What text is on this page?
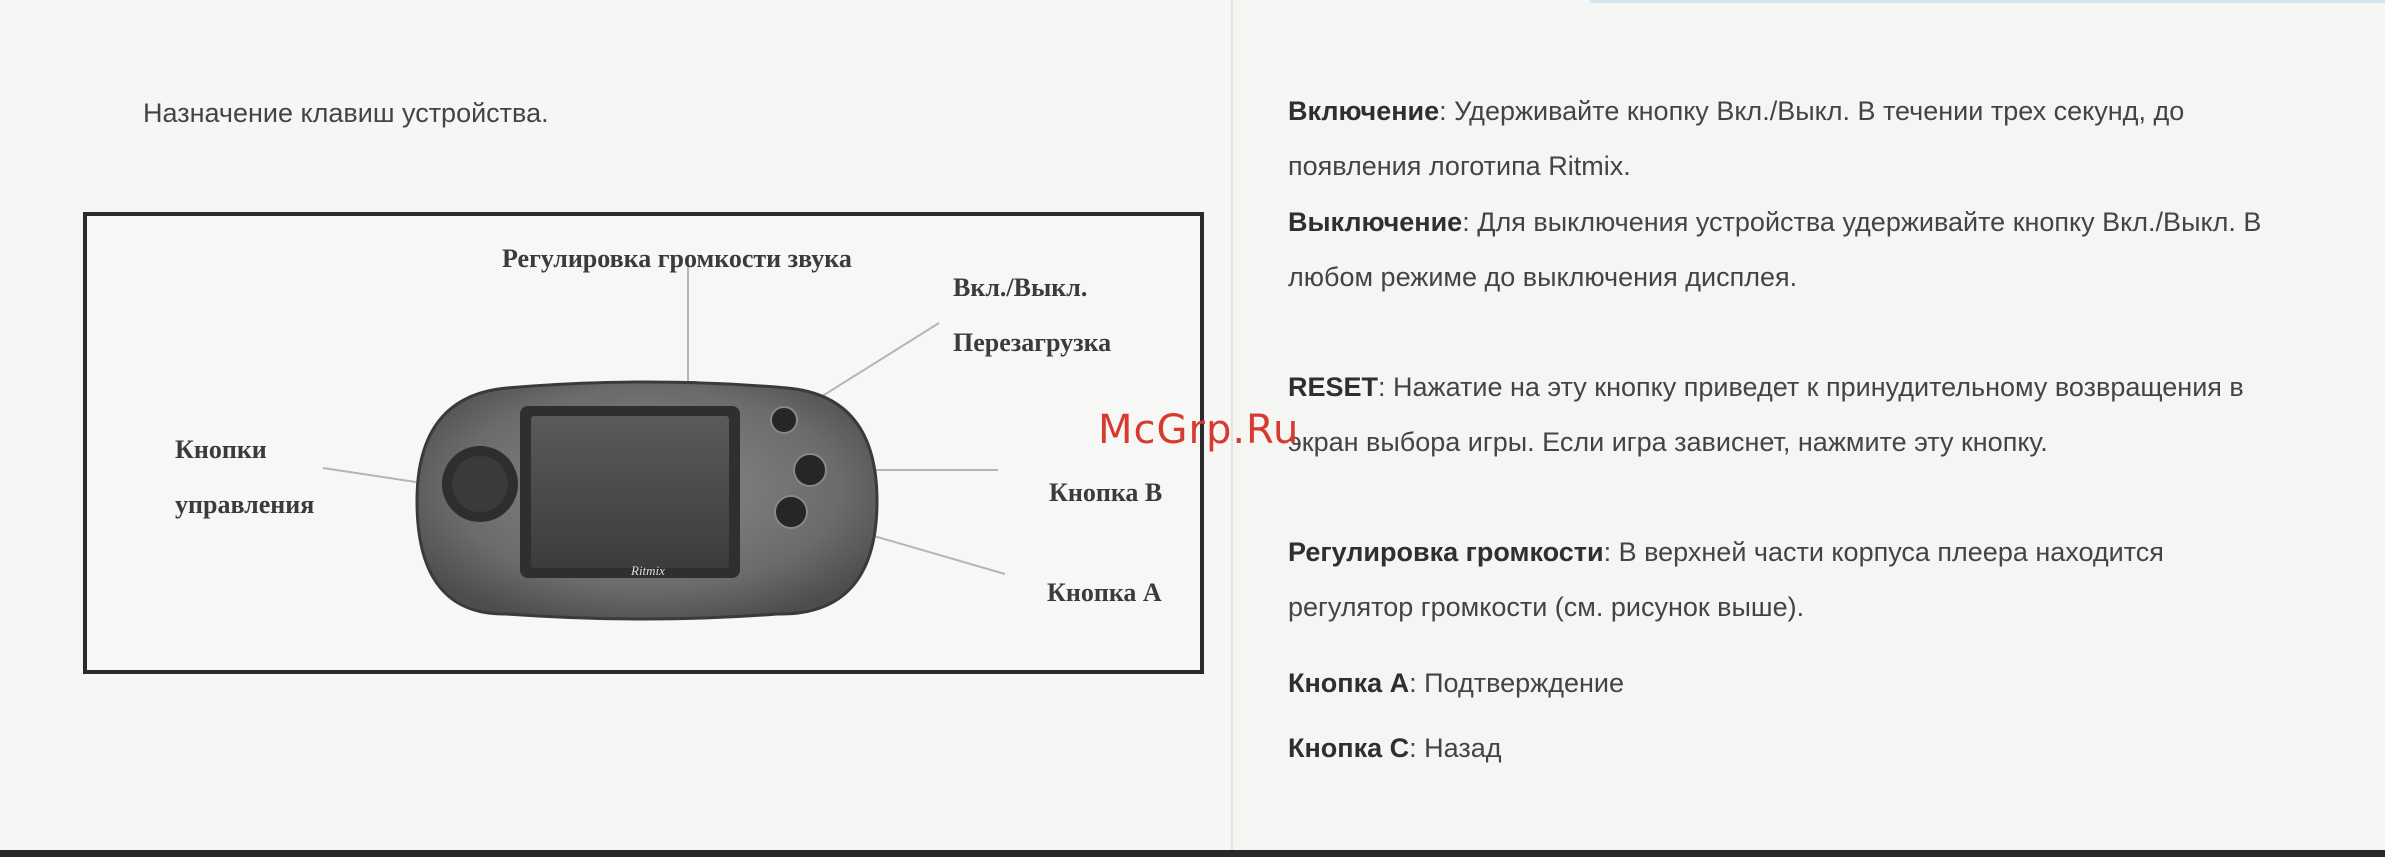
Назначение клавиш устройства.
Ritmix
Регулировка громкости звука
Вкл./Выкл.
Перезагрузка
Кнопки
управления	Кнопка В
Кнопка А
Включение: Удерживайте кнопку Вкл./Выкл. В течении трех секунд, до
появления логотипа Ritmix.
Выключение: Для выключения устройства удерживайте кнопку Вкл./Выкл. В
любом режиме до выключения дисплея.
RESET: Нажатие на эту кнопку приведет к принудительному возвращения в
экран выбора игры. Если игра зависнет, нажмите эту кнопку.
Регулировка громкости: В верхней части корпуса плеера находится
регулятор громкости (см. рисунок выше).
Кнопка А: Подтверждение
Кнопка С: Назад
McGrp.Ru
